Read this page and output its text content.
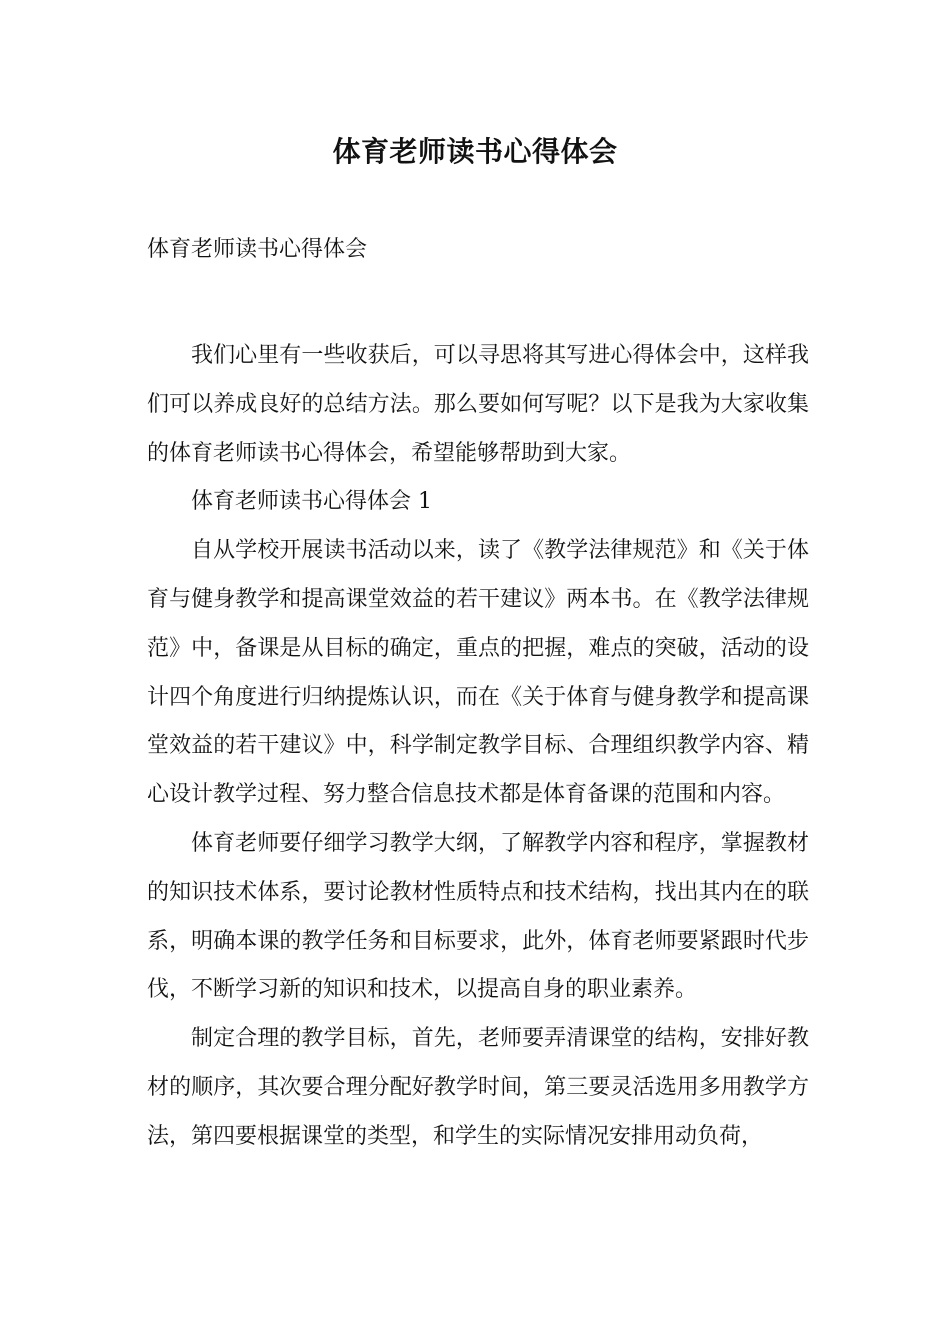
体育老师读书心得体会
体育老师读书心得体会

我们心里有一些收获后，可以寻思将其写进心得体会中，这样我们可以养成良好的总结方法。那么要如何写呢？以下是我为大家收集的体育老师读书心得体会，希望能够帮助到大家。

体育老师读书心得体会 1

自从学校开展读书活动以来，读了《教学法律规范》和《关于体育与健身教学和提高课堂效益的若干建议》两本书。在《教学法律规范》中，备课是从目标的确定，重点的把握，难点的突破，活动的设计四个角度进行归纳提炼认识，而在《关于体育与健身教学和提高课堂效益的若干建议》中，科学制定教学目标、合理组织教学内容、精心设计教学过程、努力整合信息技术都是体育备课的范围和内容。

体育老师要仔细学习教学大纲，了解教学内容和程序，掌握教材的知识技术体系，要讨论教材性质特点和技术结构，找出其内在的联系，明确本课的教学任务和目标要求，此外，体育老师要紧跟时代步伐，不断学习新的知识和技术，以提高自身的职业素养。

制定合理的教学目标，首先，老师要弄清课堂的结构，安排好教材的顺序，其次要合理分配好教学时间，第三要灵活选用多用教学方法，第四要根据课堂的类型，和学生的实际情况安排用动负荷，
